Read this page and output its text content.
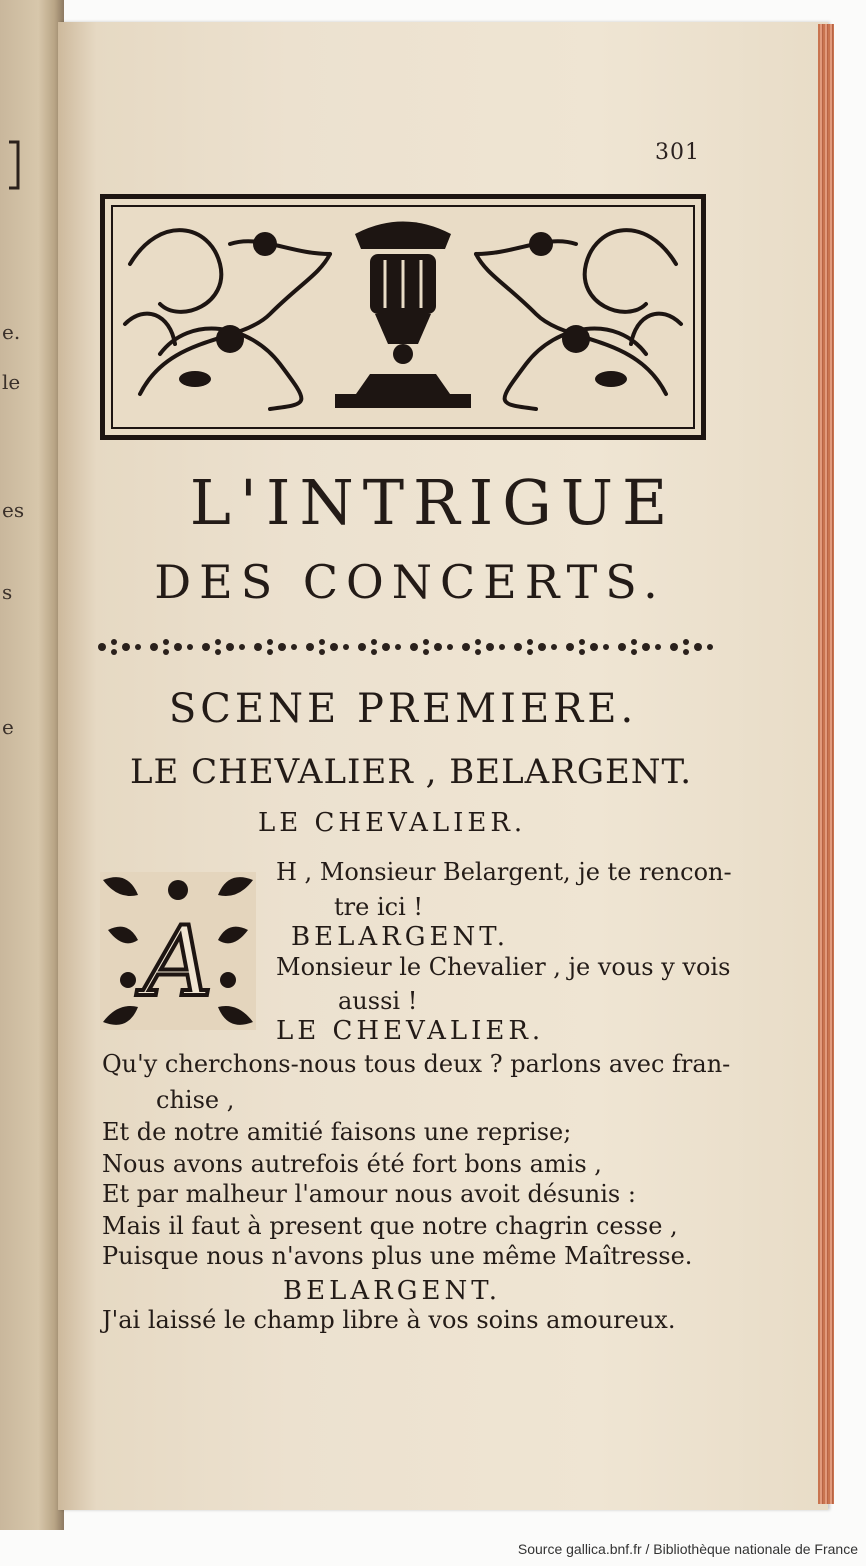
e.
le
es
s
e
301
L'INTRIGUE
DES CONCERTS.
SCENE PREMIERE.
LE CHEVALIER , BELARGENT.
LE CHEVALIER.
A
H , Monsieur Belargent, je te rencon-
tre ici !
BELARGENT.
Monsieur le Chevalier , je vous y vois
aussi !
LE CHEVALIER.
Qu'y cherchons-nous tous deux ? parlons avec fran-
chise ,
Et de notre amitié faisons une reprise;
Nous avons autrefois été fort bons amis ,
Et par malheur l'amour nous avoit désunis :
Mais il faut à present que notre chagrin cesse ,
Puisque nous n'avons plus une même Maîtresse.
BELARGENT.
J'ai laissé le champ libre à vos soins amoureux.
Source gallica.bnf.fr / Bibliothèque nationale de France
